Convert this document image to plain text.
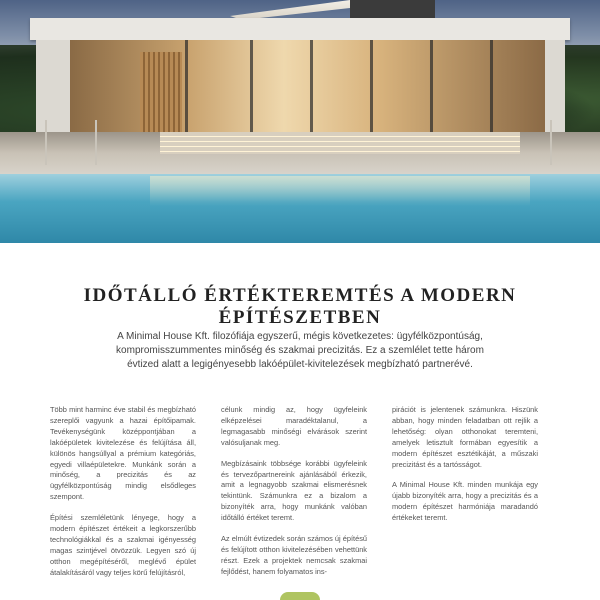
IDŐTÁLLÓ ÉRTÉKTEREMTÉS A MODERN ÉPÍTÉSZETBEN

A Minimal House Kft. filozófiája egyszerű, mégis következetes: ügyfélközpontúság, kompromisszummentes minőség és szakmai precizitás. Ez a szemlélet tette három évtized alatt a legigényesebb lakóépület-kivitelezések megbízható partnerévé.

Több mint harminc éve stabil és megbízható szereplői vagyunk a hazai építőipamak. Tevékenységünk középpontjában a lakóépületek kivitelezése és felújítása áll, különös hangsúllyal a prémium kategóriás, egyedi villaépületekre. Munkánk során a minőség, a precizitás és az ügyfélközpontúság mindig elsődleges szempont.

Építési szemléletünk lényege, hogy a modern építészet értékeit a legkorszerűbb technológiákkal és a szakmai igényesség magas szintjével ötvözzük. Legyen szó új otthon megépítéséről, meglévő épület átalakításáról vagy teljes körű felújításról,

célunk mindig az, hogy ügyfeleink elképzelései maradéktalanul, a legmagasabb minőségi elvárások szerint valósuljanak meg.

Megbízásaink többsége korábbi ügyfeleink és tervezőpartnereink ajánlásából érkezik, amit a legnagyobb szakmai elismerésnek tekintünk. Számunkra ez a bizalom a bizonyíték arra, hogy munkánk valóban időtálló értéket teremt.

Az elmúlt évtizedek során számos új építésű és felújított otthon kivitelezésében vehettünk részt. Ezek a projektek nemcsak szakmai fejlődést, hanem folyamatos ins-

pirációt is jelentenek számunkra. Hiszünk abban, hogy minden feladatban ott rejlik a lehetőség: olyan otthonokat teremteni, amelyek letisztult formában egyesítik a modern építészet esztétikáját, a műszaki precizitást és a tartósságot.

A Minimal House Kft. minden munkája egy újabb bizonyíték arra, hogy a precizitás és a modern építészet harmóniája maradandó értékeket teremt.
